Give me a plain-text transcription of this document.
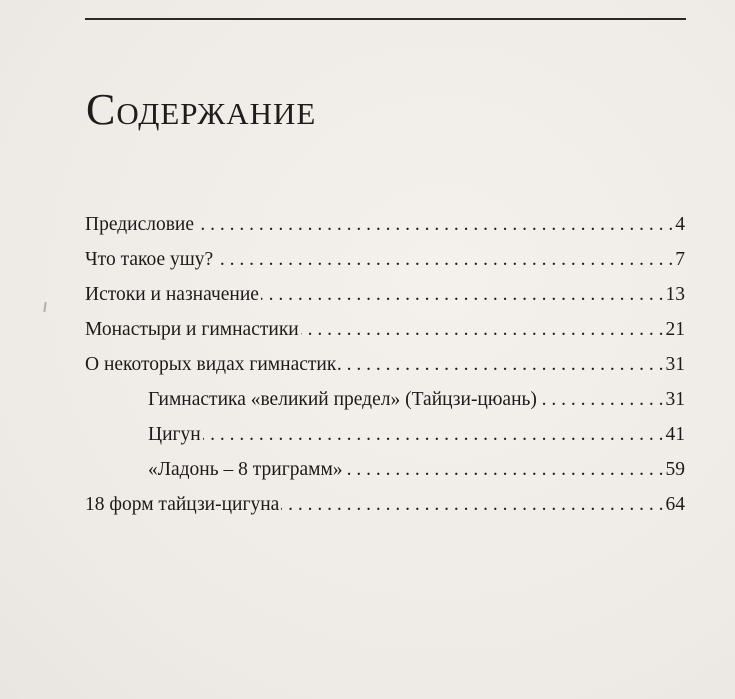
Содержание
Предисловие . . .	4
Что такое ушу? . . .	7
Истоки и назначение . . .	13
Монастыри и гимнастики . . .	21
О некоторых видах гимнастик . . .	31
Гимнастика «великий предел» (Тайцзи-цюань) . . .	31
Цигун . . .	41
«Ладонь – 8 триграмм» . . .	59
18 форм тайцзи-цигуна . . .	64
